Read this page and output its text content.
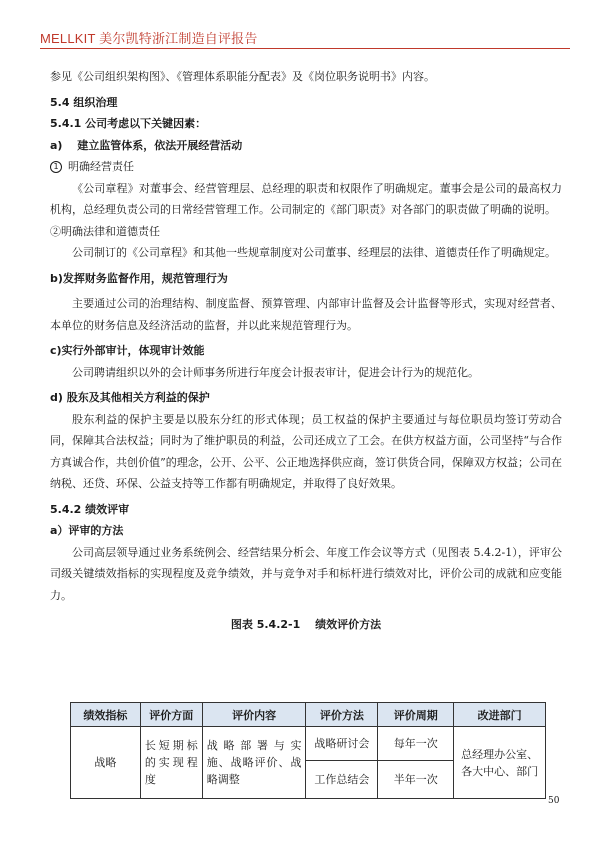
MELLKIT 美尔凯特浙江制造自评报告

参见《公司组织架构图》、《管理体系职能分配表》及《岗位职务说明书》内容。

5.4 组织治理

5.4.1 公司考虑以下关键因素：

a)　 建立监管体系，依法开展经营活动

1 明确经营责任

《公司章程》对董事会、经营管理层、总经理的职责和权限作了明确规定。董事会是公司的最高权力机构，总经理负责公司的日常经营管理工作。公司制定的《部门职责》对各部门的职责做了明确的说明。

②明确法律和道德责任

公司制订的《公司章程》和其他一些规章制度对公司董事、经理层的法律、道德责任作了明确规定。

b)发挥财务监督作用，规范管理行为

主要通过公司的治理结构、制度监督、预算管理、内部审计监督及会计监督等形式，实现对经营者、本单位的财务信息及经济活动的监督，并以此来规范管理行为。

c)实行外部审计，体现审计效能

公司聘请组织以外的会计师事务所进行年度会计报表审计，促进会计行为的规范化。

d) 股东及其他相关方利益的保护

股东利益的保护主要是以股东分红的形式体现；员工权益的保护主要通过与每位职员均签订劳动合同，保障其合法权益；同时为了维护职员的利益，公司还成立了工会。在供方权益方面，公司坚持“与合作方真诚合作，共创价值”的理念，公开、公平、公正地选择供应商，签订供货合同，保障双方权益；公司在纳税、还贷、环保、公益支持等工作都有明确规定，并取得了良好效果。

5.4.2 绩效评审

a）评审的方法

公司高层领导通过业务系统例会、经营结果分析会、年度工作会议等方式（见图表 5.4.2-1），评审公司级关键绩效指标的实现程度及竞争绩效，并与竞争对手和标杆进行绩效对比，评价公司的成就和应变能力。

图表 5.4.2-1　 绩效评价方法

绩效指标	评价方面	评价内容	评价方法	评价周期	改进部门
战略	长短期标的实现程度	战 略 部 署 与 实 施、战略评价、战略调整	战略研讨会	每年一次	总经理办公室、各大中心、部门
			工作总结会	半年一次	
50
